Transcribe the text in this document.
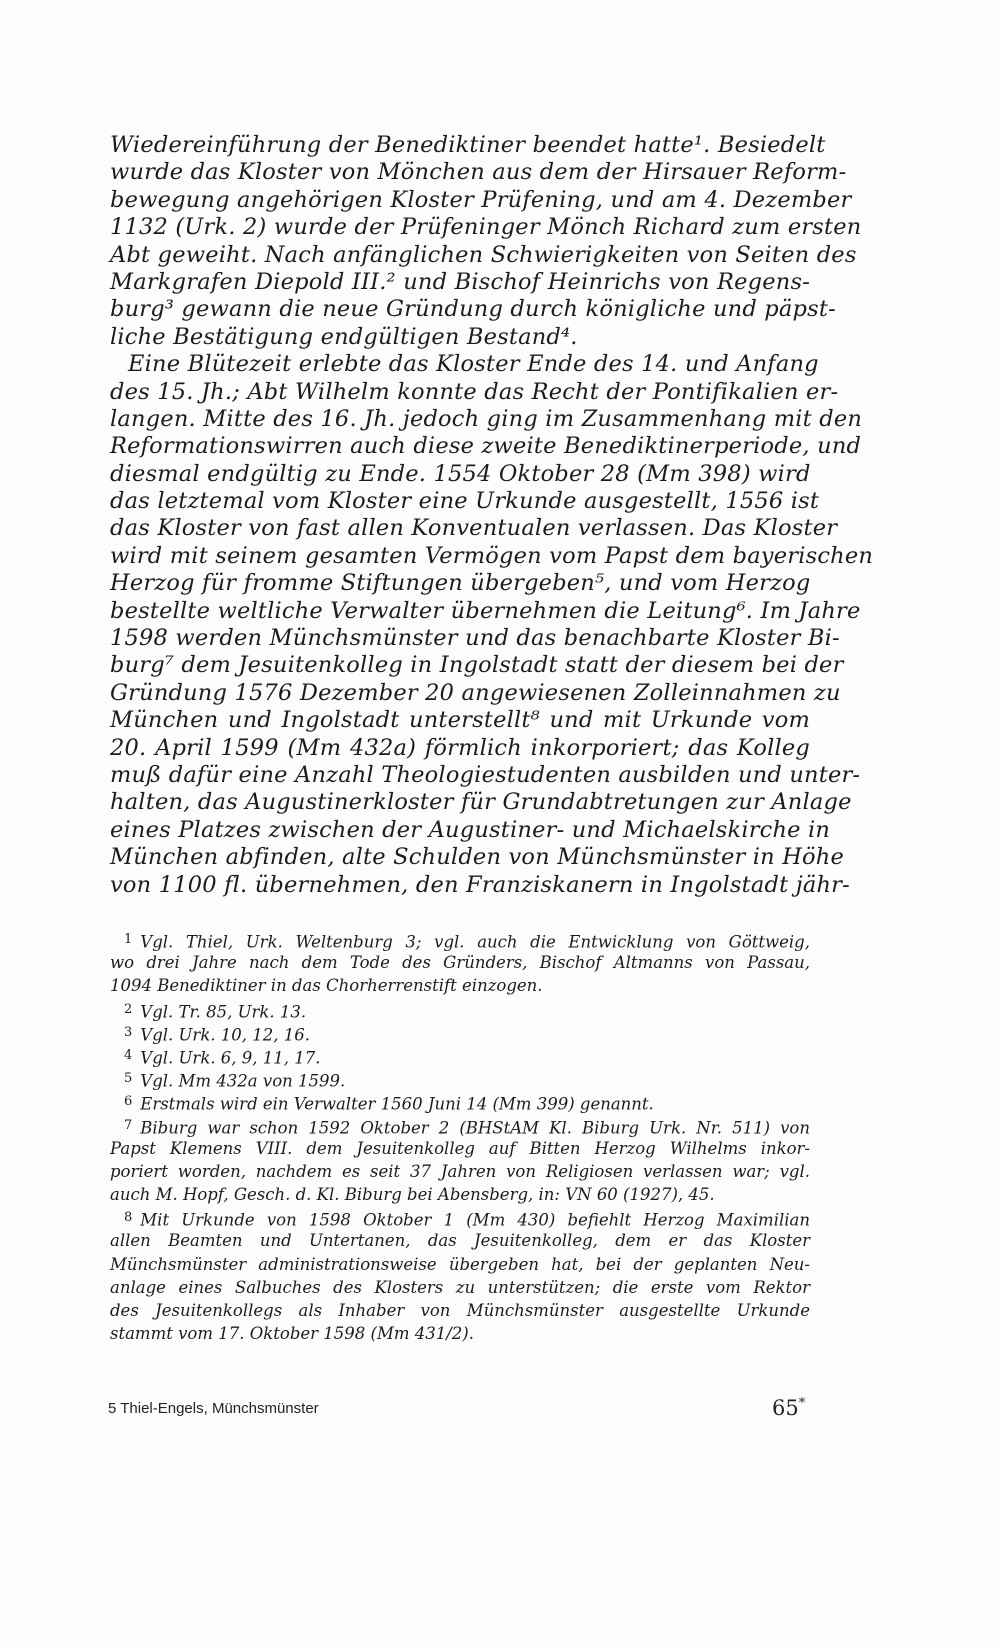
Wiedereinführung der Benediktiner beendet hatte¹. Besiedelt
wurde das Kloster von Mönchen aus dem der Hirsauer Reform-
bewegung angehörigen Kloster Prüfening, und am 4. Dezember
1132 (Urk. 2) wurde der Prüfeninger Mönch Richard zum ersten
Abt geweiht. Nach anfänglichen Schwierigkeiten von Seiten des
Markgrafen Diepold III.² und Bischof Heinrichs von Regens-
burg³ gewann die neue Gründung durch königliche und päpst-
liche Bestätigung endgültigen Bestand⁴.
Eine Blütezeit erlebte das Kloster Ende des 14. und Anfang
des 15. Jh.; Abt Wilhelm konnte das Recht der Pontifikalien er-
langen. Mitte des 16. Jh. jedoch ging im Zusammenhang mit den
Reformationswirren auch diese zweite Benediktinerperiode, und
diesmal endgültig zu Ende. 1554 Oktober 28 (Mm 398) wird
das letztemal vom Kloster eine Urkunde ausgestellt, 1556 ist
das Kloster von fast allen Konventualen verlassen. Das Kloster
wird mit seinem gesamten Vermögen vom Papst dem bayerischen
Herzog für fromme Stiftungen übergeben⁵, und vom Herzog
bestellte weltliche Verwalter übernehmen die Leitung⁶. Im Jahre
1598 werden Münchsmünster und das benachbarte Kloster Bi-
burg⁷ dem Jesuitenkolleg in Ingolstadt statt der diesem bei der
Gründung 1576 Dezember 20 angewiesenen Zolleinnahmen zu
München und Ingolstadt unterstellt⁸ und mit Urkunde vom
20. April 1599 (Mm 432a) förmlich inkorporiert; das Kolleg
muß dafür eine Anzahl Theologiestudenten ausbilden und unter-
halten, das Augustinerkloster für Grundabtretungen zur Anlage
eines Platzes zwischen der Augustiner- und Michaelskirche in
München abfinden, alte Schulden von Münchsmünster in Höhe
von 1100 fl. übernehmen, den Franziskanern in Ingolstadt jähr-
$^1$ Vgl. Thiel, Urk. Weltenburg 3; vgl. auch die Entwicklung von Göttweig,
wo drei Jahre nach dem Tode des Gründers, Bischof Altmanns von Passau,
1094 Benediktiner in das Chorherrenstift einzogen.
$^2$ Vgl. Tr. 85, Urk. 13.
$^3$ Vgl. Urk. 10, 12, 16.
$^4$ Vgl. Urk. 6, 9, 11, 17.
$^5$ Vgl. Mm 432a von 1599.
$^6$ Erstmals wird ein Verwalter 1560 Juni 14 (Mm 399) genannt.
$^7$ Biburg war schon 1592 Oktober 2 (BHStAM Kl. Biburg Urk. Nr. 511) von
Papst Klemens VIII. dem Jesuitenkolleg auf Bitten Herzog Wilhelms inkor-
poriert worden, nachdem es seit 37 Jahren von Religiosen verlassen war; vgl.
auch M. Hopf, Gesch. d. Kl. Biburg bei Abensberg, in: VN 60 (1927), 45.
$^8$ Mit Urkunde von 1598 Oktober 1 (Mm 430) befiehlt Herzog Maximilian
allen Beamten und Untertanen, das Jesuitenkolleg, dem er das Kloster
Münchsmünster administrationsweise übergeben hat, bei der geplanten Neu-
anlage eines Salbuches des Klosters zu unterstützen; die erste vom Rektor
des Jesuitenkollegs als Inhaber von Münchsmünster ausgestellte Urkunde
stammt vom 17. Oktober 1598 (Mm 431/2).
5 Thiel-Engels, Münchsmünster	65*
